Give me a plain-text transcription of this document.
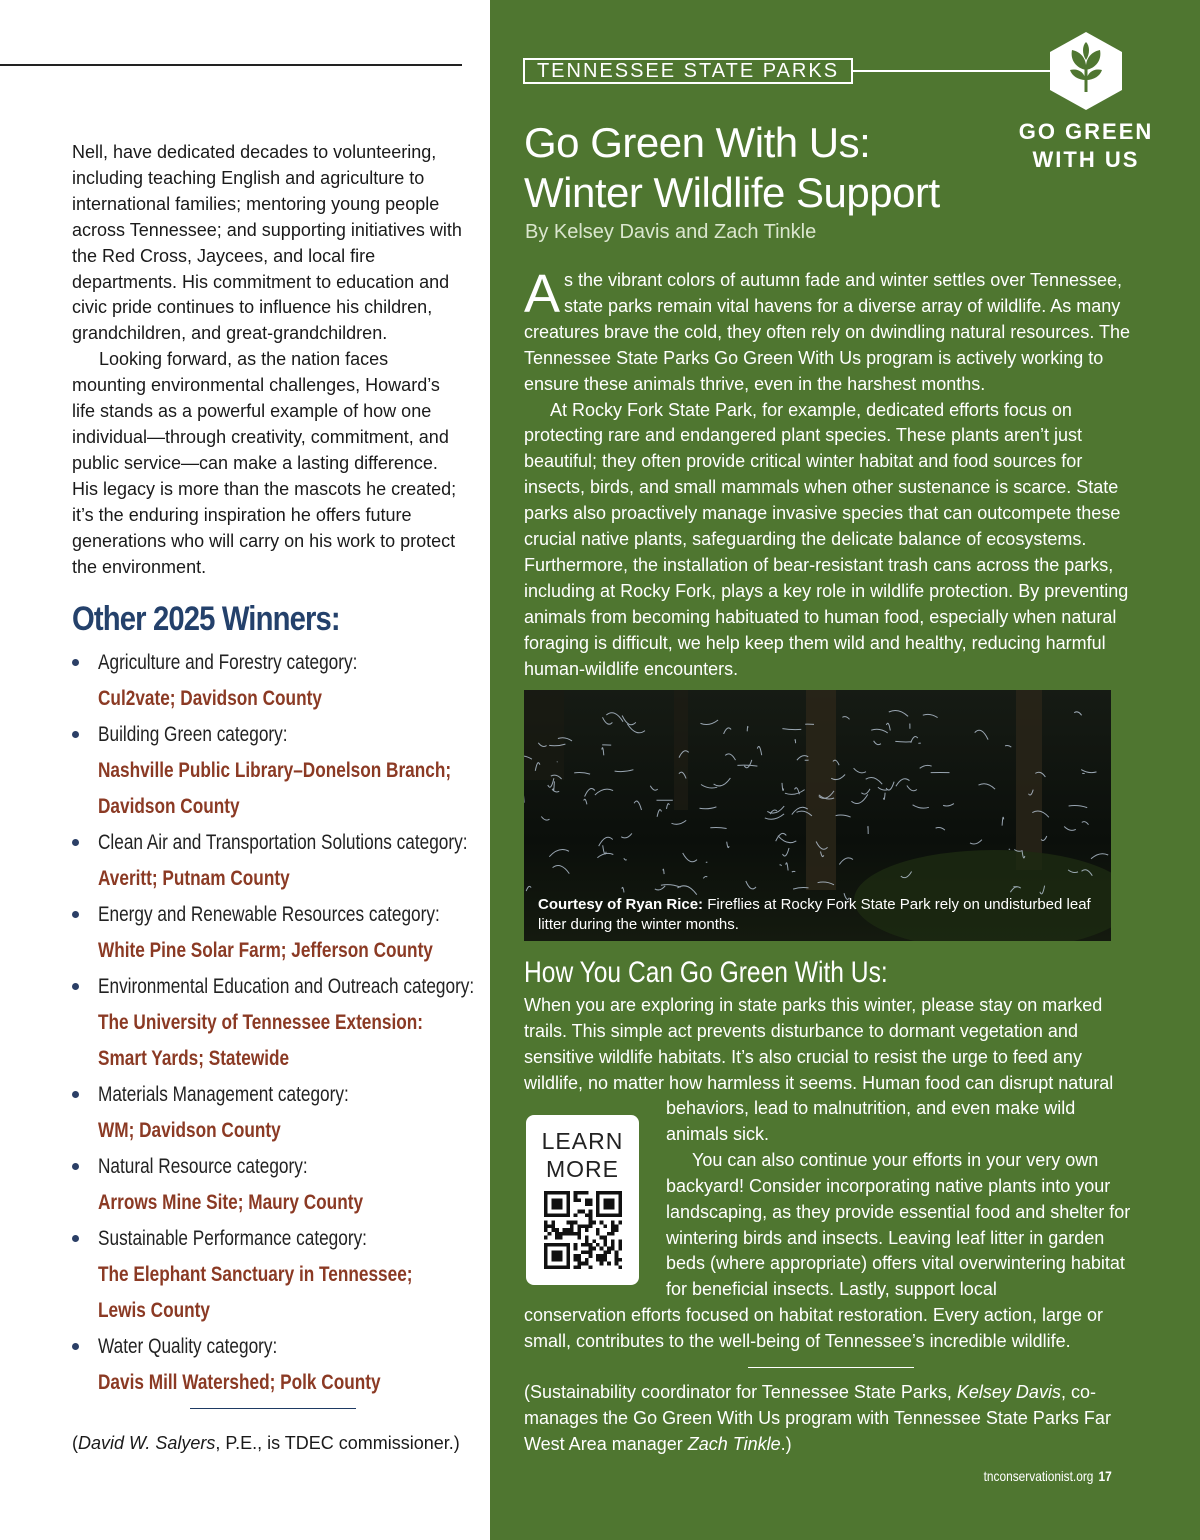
Nell, have dedicated decades to volunteering, including teaching English and agriculture to international families; mentoring young people across Tennessee; and supporting initiatives with the Red Cross, Jaycees, and local fire departments. His commitment to education and civic pride continues to influence his children, grandchildren, and great-grandchildren.

Looking forward, as the nation faces mounting environmental challenges, Howard’s life stands as a powerful example of how one individual—through creativity, commitment, and public service—can make a lasting difference. His legacy is more than the mascots he created; it’s the enduring inspiration he offers future generations who will carry on his work to protect the environment.

Other 2025 Winners:
Agriculture and Forestry category:
Cul2vate; Davidson County
Building Green category:
Nashville Public Library–Donelson Branch;
Davidson County
Clean Air and Transportation Solutions category:
Averitt; Putnam County
Energy and Renewable Resources category:
White Pine Solar Farm; Jefferson County
Environmental Education and Outreach category:
The University of Tennessee Extension:
Smart Yards; Statewide
Materials Management category:
WM; Davidson County
Natural Resource category:
Arrows Mine Site; Maury County
Sustainable Performance category:
The Elephant Sanctuary in Tennessee;
Lewis County
Water Quality category:
Davis Mill Watershed; Polk County
(David W. Salyers, P.E., is TDEC commissioner.)
TENNESSEE STATE PARKS
GO GREEN
WITH US
Go Green With Us:
Winter Wildlife Support
By Kelsey Davis and Zach Tinkle

As the vibrant colors of autumn fade and winter settles over Tennessee, state parks remain vital havens for a diverse array of wildlife. As many creatures brave the cold, they often rely on dwindling natural resources. The Tennessee State Parks Go Green With Us program is actively working to ensure these animals thrive, even in the harshest months.

At Rocky Fork State Park, for example, dedicated efforts focus on protecting rare and endangered plant species. These plants aren’t just beautiful; they often provide critical winter habitat and food sources for insects, birds, and small mammals when other sustenance is scarce. State parks also proactively manage invasive species that can outcompete these crucial native plants, safeguarding the delicate balance of ecosystems. Furthermore, the installation of bear-resistant trash cans across the parks, including at Rocky Fork, plays a key role in wildlife protection. By preventing animals from becoming habituated to human food, especially when natural foraging is difficult, we help keep them wild and healthy, reducing harmful human-wildlife encounters.

Courtesy of Ryan Rice: Fireflies at Rocky Fork State Park rely on undisturbed leaf litter during the winter months.
How You Can Go Green With Us:
When you are exploring in state parks this winter, please stay on marked trails. This simple act prevents disturbance to dormant vegetation and sensitive wildlife habitats. It’s also crucial to resist the urge to feed any wildlife, no matter how harmless it seems. Human food can disrupt natural

behaviors, lead to malnutrition, and even make wild animals sick.

You can also continue your efforts in your very own backyard! Consider incorporating native plants into your landscaping, as they provide essential food and shelter for wintering birds and insects. Leaving leaf litter in garden beds (where appropriate) offers vital overwintering habitat for beneficial insects. Lastly, support local

conservation efforts focused on habitat restoration. Every action, large or small, contributes to the well-being of Tennessee’s incredible wildlife.
LEARN
MORE
(Sustainability coordinator for Tennessee State Parks, Kelsey Davis, co-manages the Go Green With Us program with Tennessee State Parks Far West Area manager Zach Tinkle.)
tnconservationist.org 17
